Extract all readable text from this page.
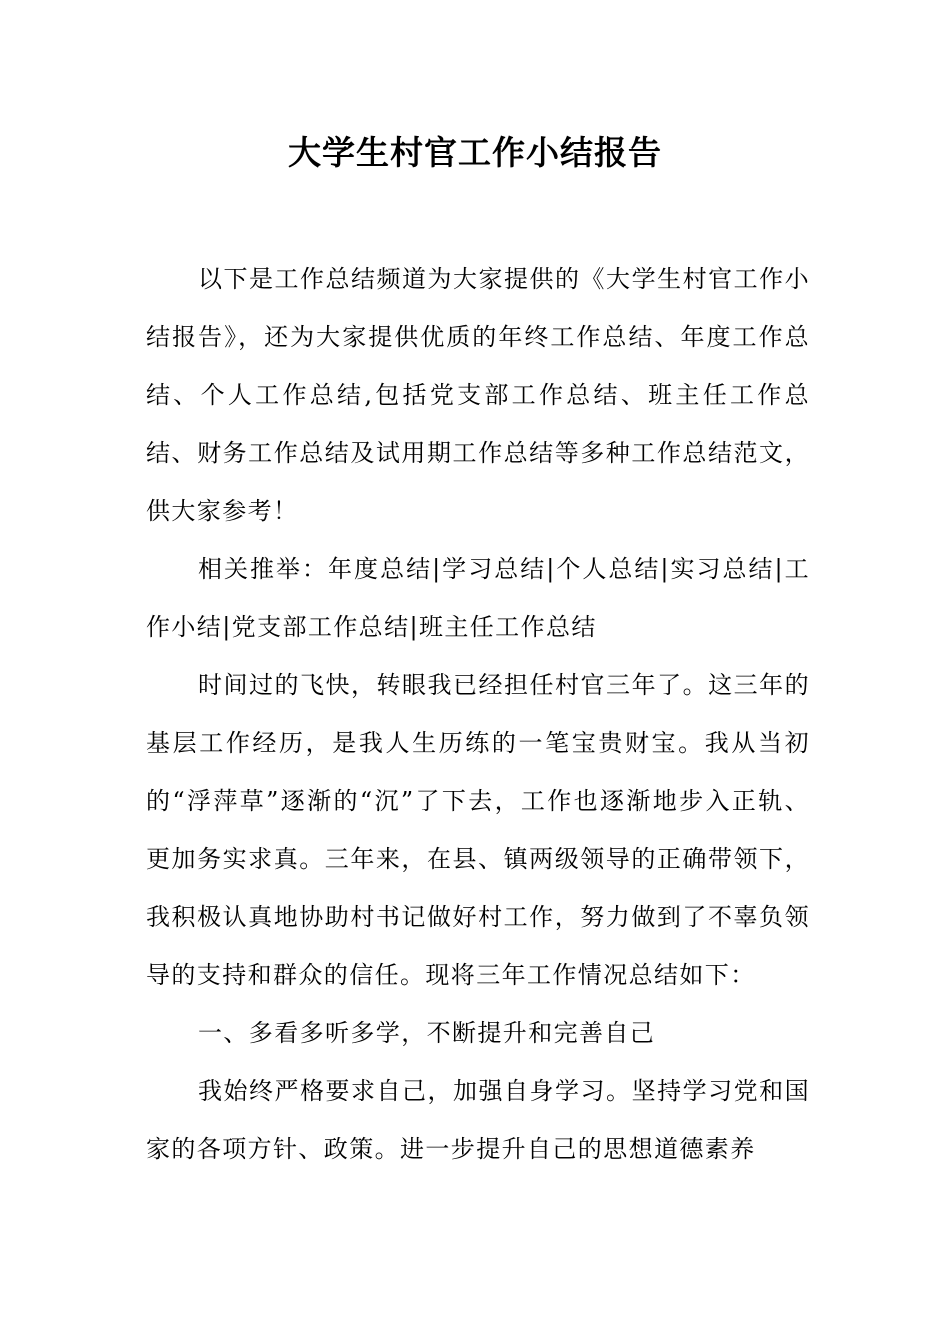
大学生村官工作小结报告

以下是工作总结频道为大家提供的《大学生村官工作小结报告》，还为大家提供优质的年终工作总结、年度工作总结、个人工作总结,包括党支部工作总结、班主任工作总结、财务工作总结及试用期工作总结等多种工作总结范文，供大家参考！

相关推举：年度总结|学习总结|个人总结|实习总结|工作小结|党支部工作总结|班主任工作总结

时间过的飞快，转眼我已经担任村官三年了。这三年的基层工作经历，是我人生历练的一笔宝贵财宝。我从当初的“浮萍草”逐渐的“沉”了下去，工作也逐渐地步入正轨、更加务实求真。三年来，在县、镇两级领导的正确带领下，我积极认真地协助村书记做好村工作，努力做到了不辜负领导的支持和群众的信任。现将三年工作情况总结如下：

一、多看多听多学，不断提升和完善自己

我始终严格要求自己，加强自身学习。坚持学习党和国家的各项方针、政策。进一步提升自己的思想道德素养
